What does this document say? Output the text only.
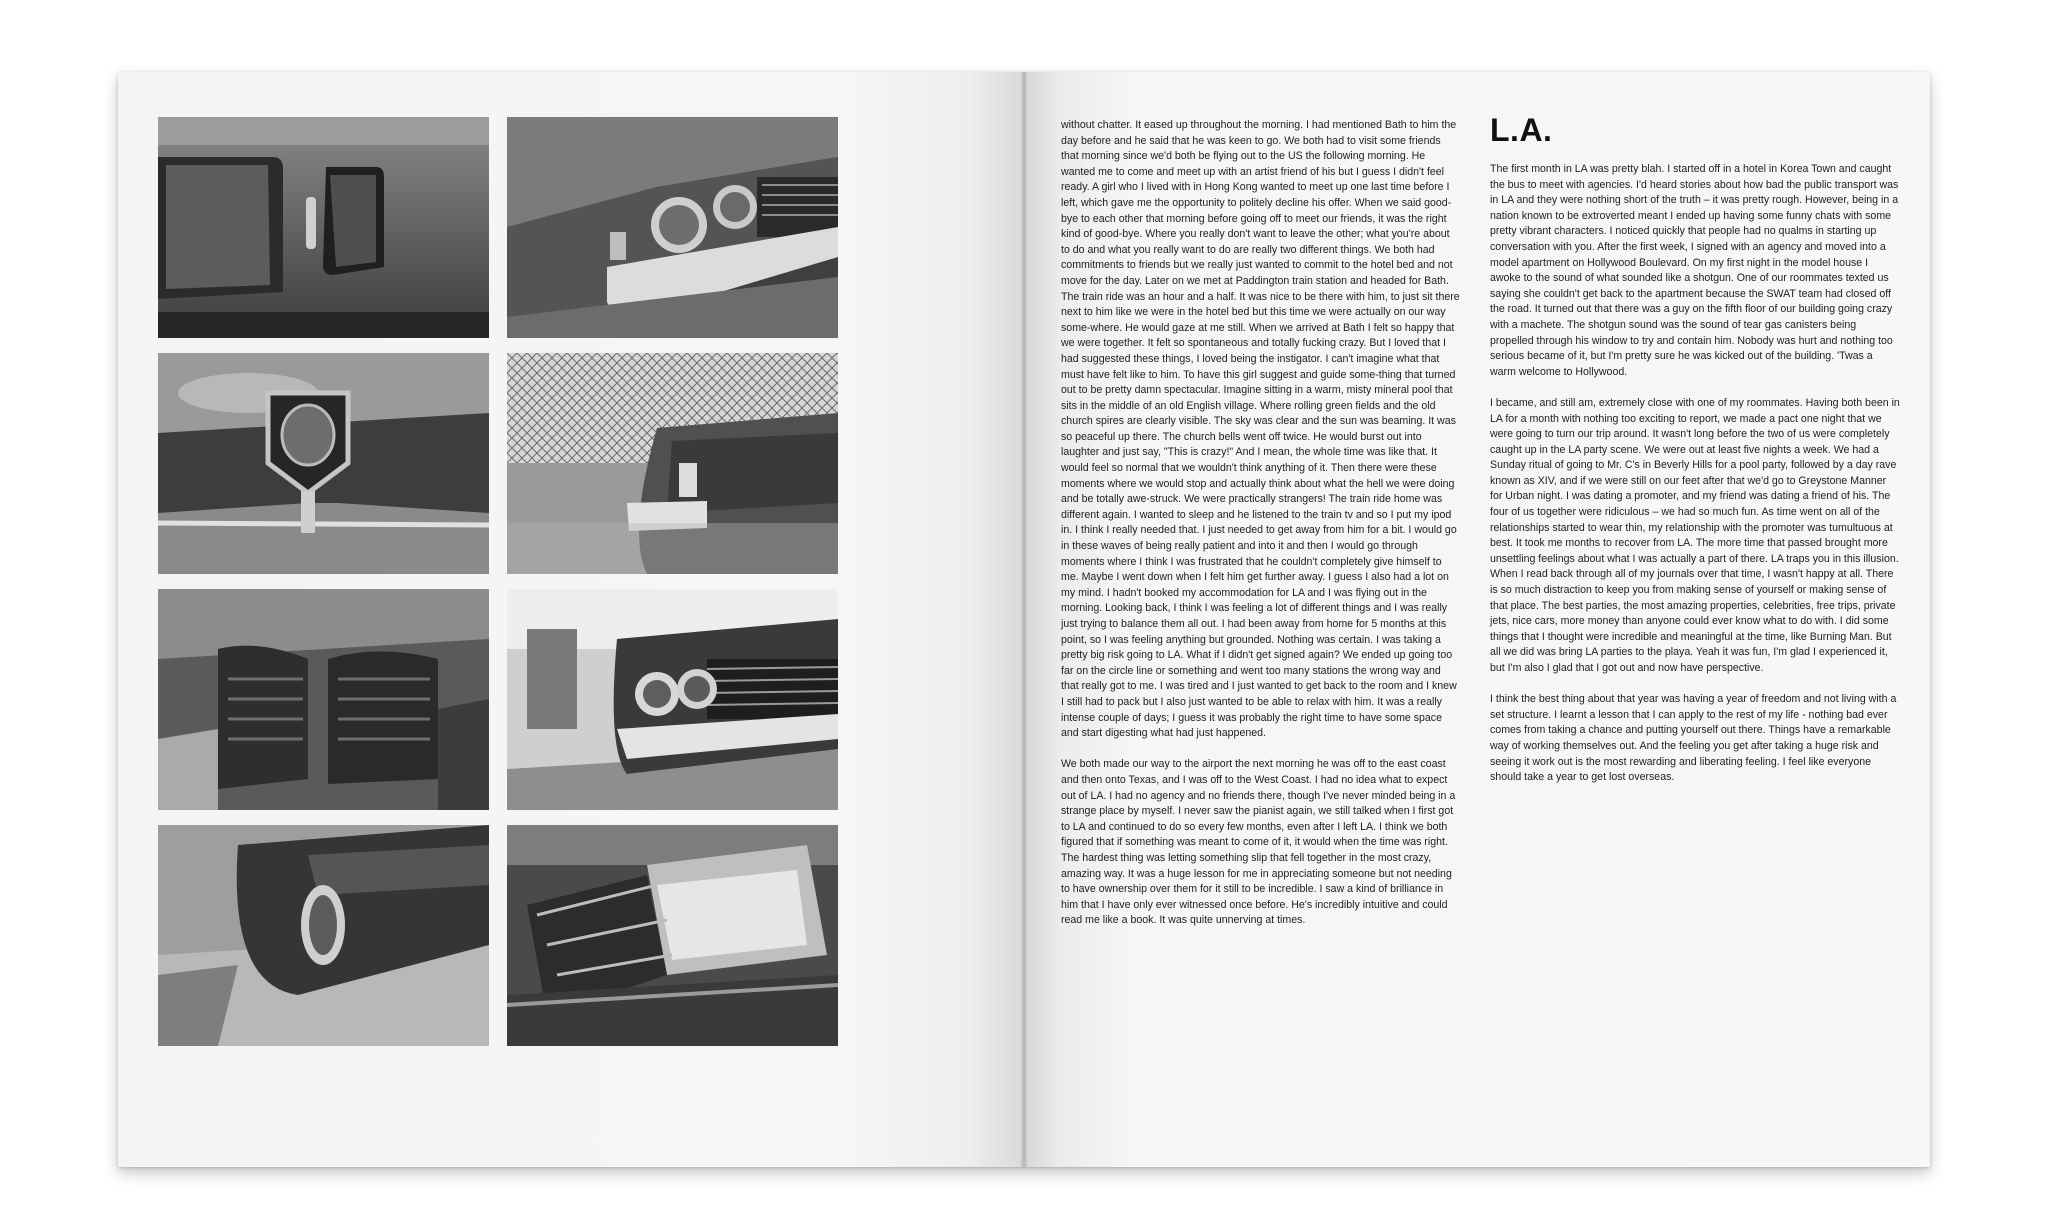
without chatter. It eased up throughout the morning. I had mentioned Bath to him the day before and he said that he was keen to go. We both had to visit some friends that morning since we'd both be flying out to the US the following morning. He wanted me to come and meet up with an artist friend of his but I guess I didn't feel ready. A girl who I lived with in Hong Kong wanted to meet up one last time before I left, which gave me the opportunity to politely decline his offer. When we said good-bye to each other that morning before going off to meet our friends, it was the right kind of good-bye. Where you really don't want to leave the other; what you're about to do and what you really want to do are really two different things. We both had commitments to friends but we really just wanted to commit to the hotel bed and not move for the day. Later on we met at Paddington train station and headed for Bath. The train ride was an hour and a half. It was nice to be there with him, to just sit there next to him like we were in the hotel bed but this time we were actually on our way some-where. He would gaze at me still. When we arrived at Bath I felt so happy that we were together. It felt so spontaneous and totally fucking crazy. But I loved that I had suggested these things, I loved being the instigator. I can't imagine what that must have felt like to him. To have this girl suggest and guide some-thing that turned out to be pretty damn spectacular. Imagine sitting in a warm, misty mineral pool that sits in the middle of an old English village. Where rolling green fields and the old church spires are clearly visible. The sky was clear and the sun was beaming. It was so peaceful up there. The church bells went off twice. He would burst out into laughter and just say, "This is crazy!" And I mean, the whole time was like that. It would feel so normal that we wouldn't think anything of it. Then there were these moments where we would stop and actually think about what the hell we were doing and be totally awe-struck. We were practically strangers! The train ride home was different again. I wanted to sleep and he listened to the train tv and so I put my ipod in. I think I really needed that. I just needed to get away from him for a bit. I would go in these waves of being really patient and into it and then I would go through moments where I think I was frustrated that he couldn't completely give himself to me. Maybe I went down when I felt him get further away. I guess I also had a lot on my mind. I hadn't booked my accommodation for LA and I was flying out in the morning. Looking back, I think I was feeling a lot of different things and I was really just trying to balance them all out. I had been away from home for 5 months at this point, so I was feeling anything but grounded. Nothing was certain. I was taking a pretty big risk going to LA. What if I didn't get signed again? We ended up going too far on the circle line or something and went too many stations the wrong way and that really got to me. I was tired and I just wanted to get back to the room and I knew I still had to pack but I also just wanted to be able to relax with him. It was a really intense couple of days; I guess it was probably the right time to have some space and start digesting what had just happened.

We both made our way to the airport the next morning he was off to the east coast and then onto Texas, and I was off to the West Coast. I had no idea what to expect out of LA. I had no agency and no friends there, though I've never minded being in a strange place by myself. I never saw the pianist again, we still talked when I first got to LA and continued to do so every few months, even after I left LA. I think we both figured that if something was meant to come of it, it would when the time was right. The hardest thing was letting something slip that fell together in the most crazy, amazing way. It was a huge lesson for me in appreciating someone but not needing to have ownership over them for it still to be incredible. I saw a kind of brilliance in him that I have only ever witnessed once before. He's incredibly intuitive and could read me like a book. It was quite unnerving at times.

L.A.

The first month in LA was pretty blah. I started off in a hotel in Korea Town and caught the bus to meet with agencies. I'd heard stories about how bad the public transport was in LA and they were nothing short of the truth – it was pretty rough. However, being in a nation known to be extroverted meant I ended up having some funny chats with some pretty vibrant characters. I noticed quickly that people had no qualms in starting up conversation with you. After the first week, I signed with an agency and moved into a model apartment on Hollywood Boulevard. On my first night in the model house I awoke to the sound of what sounded like a shotgun. One of our roommates texted us saying she couldn't get back to the apartment because the SWAT team had closed off the road. It turned out that there was a guy on the fifth floor of our building going crazy with a machete. The shotgun sound was the sound of tear gas canisters being propelled through his window to try and contain him. Nobody was hurt and nothing too serious became of it, but I'm pretty sure he was kicked out of the building. 'Twas a warm welcome to Hollywood.

I became, and still am, extremely close with one of my roommates. Having both been in LA for a month with nothing too exciting to report, we made a pact one night that we were going to turn our trip around. It wasn't long before the two of us were completely caught up in the LA party scene. We were out at least five nights a week. We had a Sunday ritual of going to Mr. C's in Beverly Hills for a pool party, followed by a day rave known as XIV, and if we were still on our feet after that we'd go to Greystone Manner for Urban night. I was dating a promoter, and my friend was dating a friend of his. The four of us together were ridiculous – we had so much fun. As time went on all of the relationships started to wear thin, my relationship with the promoter was tumultuous at best. It took me months to recover from LA. The more time that passed brought more unsettling feelings about what I was actually a part of there. LA traps you in this illusion. When I read back through all of my journals over that time, I wasn't happy at all. There is so much distraction to keep you from making sense of yourself or making sense of that place. The best parties, the most amazing properties, celebrities, free trips, private jets, nice cars, more money than anyone could ever know what to do with. I did some things that I thought were incredible and meaningful at the time, like Burning Man. But all we did was bring LA parties to the playa. Yeah it was fun, I'm glad I experienced it, but I'm also I glad that I got out and now have perspective.

I think the best thing about that year was having a year of freedom and not living with a set structure. I learnt a lesson that I can apply to the rest of my life - nothing bad ever comes from taking a chance and putting yourself out there. Things have a remarkable way of working themselves out. And the feeling you get after taking a huge risk and seeing it work out is the most rewarding and liberating feeling. I feel like everyone should take a year to get lost overseas.
